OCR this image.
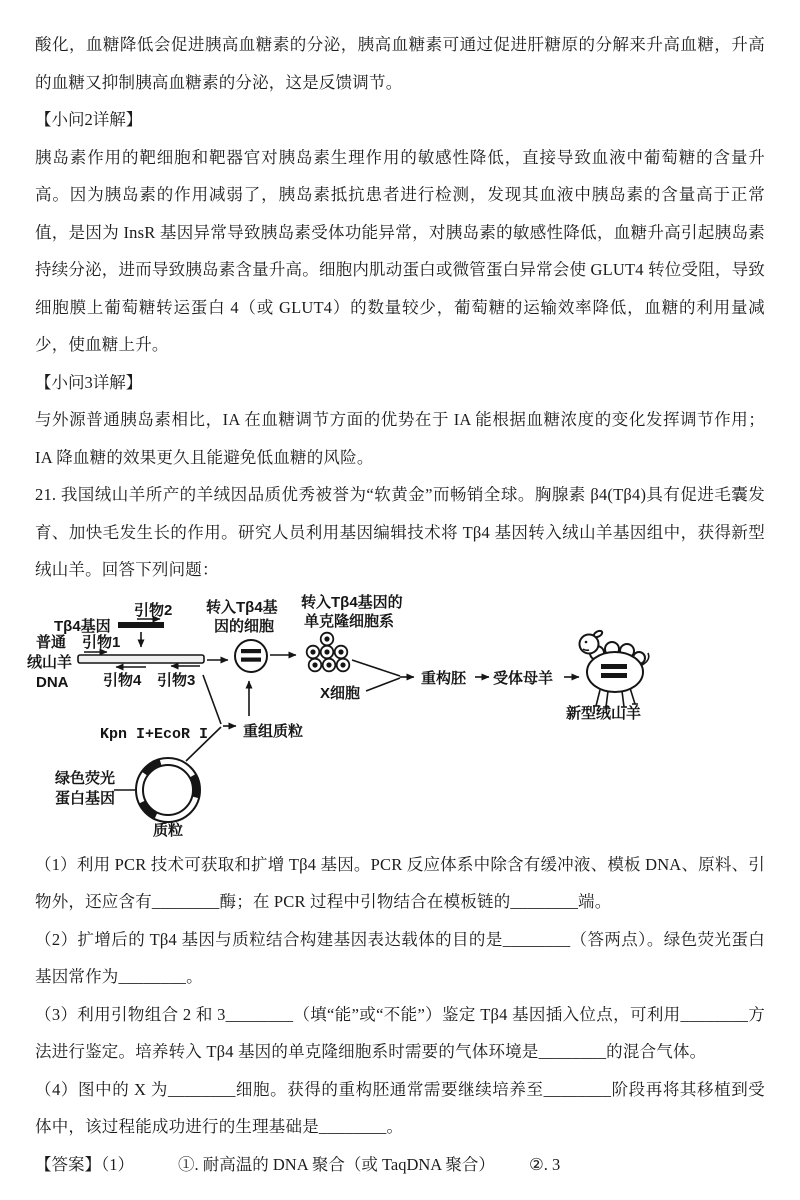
酸化，血糖降低会促进胰高血糖素的分泌，胰高血糖素可通过促进肝糖原的分解来升高血糖，升高的血糖又抑制胰高血糖素的分泌，这是反馈调节。

【小问2详解】

胰岛素作用的靶细胞和靶器官对胰岛素生理作用的敏感性降低，直接导致血液中葡萄糖的含量升高。因为胰岛素的作用减弱了，胰岛素抵抗患者进行检测，发现其血液中胰岛素的含量高于正常值，是因为 InsR 基因异常导致胰岛素受体功能异常，对胰岛素的敏感性降低，血糖升高引起胰岛素持续分泌，进而导致胰岛素含量升高。细胞内肌动蛋白或微管蛋白异常会使 GLUT4 转位受阻，导致细胞膜上葡萄糖转运蛋白 4（或 GLUT4）的数量较少，葡萄糖的运输效率降低，血糖的利用量减少，使血糖上升。

【小问3详解】

与外源普通胰岛素相比，IA 在血糖调节方面的优势在于 IA 能根据血糖浓度的变化发挥调节作用；IA 降血糖的效果更久且能避免低血糖的风险。

21. 我国绒山羊所产的羊绒因品质优秀被誉为“软黄金”而畅销全球。胸腺素 β4(Tβ4)具有促进毛囊发育、加快毛发生长的作用。研究人员利用基因编辑技术将 Tβ4 基因转入绒山羊基因组中，获得新型绒山羊。回答下列问题：

引物2
Tβ4基因
普通 引物1
绒山羊
DNA 引物4 引物3
转入Tβ4基
因的细胞
转入Tβ4基因的
单克隆细胞系
X细胞
重构胚 受体母羊
新型绒山羊
Kpn I+EcoR I 重组质粒
绿色荧光
蛋白基因
质粒

（1）利用 PCR 技术可获取和扩增 Tβ4 基因。PCR 反应体系中除含有缓冲液、模板 DNA、原料、引物外，还应含有________酶；在 PCR 过程中引物结合在模板链的________端。

（2）扩增后的 Tβ4 基因与质粒结合构建基因表达载体的目的是________（答两点）。绿色荧光蛋白基因常作为________。

（3）利用引物组合 2 和 3________（填“能”或“不能”）鉴定 Tβ4 基因插入位点，可利用________方法进行鉴定。培养转入 Tβ4 基因的单克隆细胞系时需要的气体环境是________的混合气体。

（4）图中的 X 为________细胞。获得的重构胚通常需要继续培养至________阶段再将其移植到受体中，该过程能成功进行的生理基础是________。

【答案】（1）	①. 耐高温的 DNA 聚合（或 TaqDNA 聚合） ②. 3
